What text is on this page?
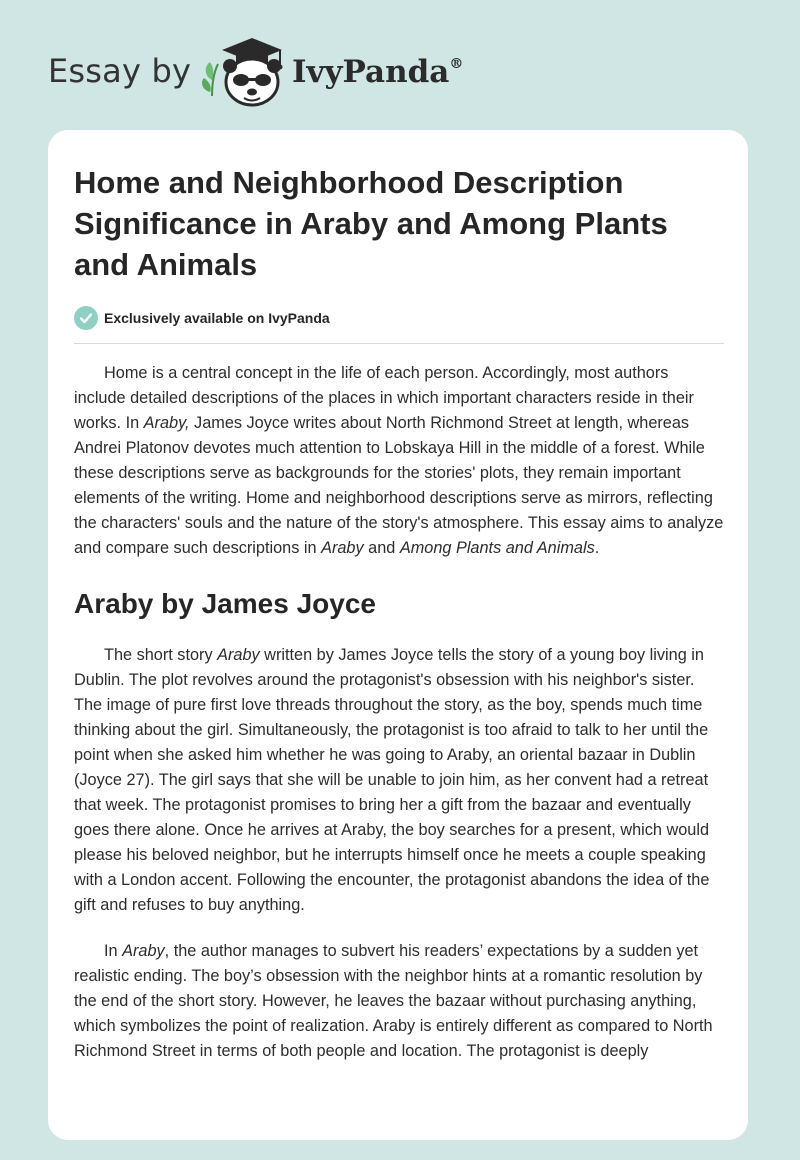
Essay by	IvyPanda®
Home and Neighborhood Description Significance in Araby and Among Plants and Animals
Exclusively available on IvyPanda

Home is a central concept in the life of each person. Accordingly, most authors include detailed descriptions of the places in which important characters reside in their works. In Araby, James Joyce writes about North Richmond Street at length, whereas Andrei Platonov devotes much attention to Lobskaya Hill in the middle of a forest. While these descriptions serve as backgrounds for the stories' plots, they remain important elements of the writing. Home and neighborhood descriptions serve as mirrors, reflecting the characters' souls and the nature of the story's atmosphere. This essay aims to analyze and compare such descriptions in Araby and Among Plants and Animals.

Araby by James Joyce

The short story Araby written by James Joyce tells the story of a young boy living in Dublin. The plot revolves around the protagonist's obsession with his neighbor's sister. The image of pure first love threads throughout the story, as the boy, spends much time thinking about the girl. Simultaneously, the protagonist is too afraid to talk to her until the point when she asked him whether he was going to Araby, an oriental bazaar in Dublin (Joyce 27). The girl says that she will be unable to join him, as her convent had a retreat that week. The protagonist promises to bring her a gift from the bazaar and eventually goes there alone. Once he arrives at Araby, the boy searches for a present, which would please his beloved neighbor, but he interrupts himself once he meets a couple speaking with a London accent. Following the encounter, the protagonist abandons the idea of the gift and refuses to buy anything.

In Araby, the author manages to subvert his readers’ expectations by a sudden yet realistic ending. The boy’s obsession with the neighbor hints at a romantic resolution by the end of the short story. However, he leaves the bazaar without purchasing anything, which symbolizes the point of realization. Araby is entirely different as compared to North Richmond Street in terms of both people and location. The protagonist is deeply
